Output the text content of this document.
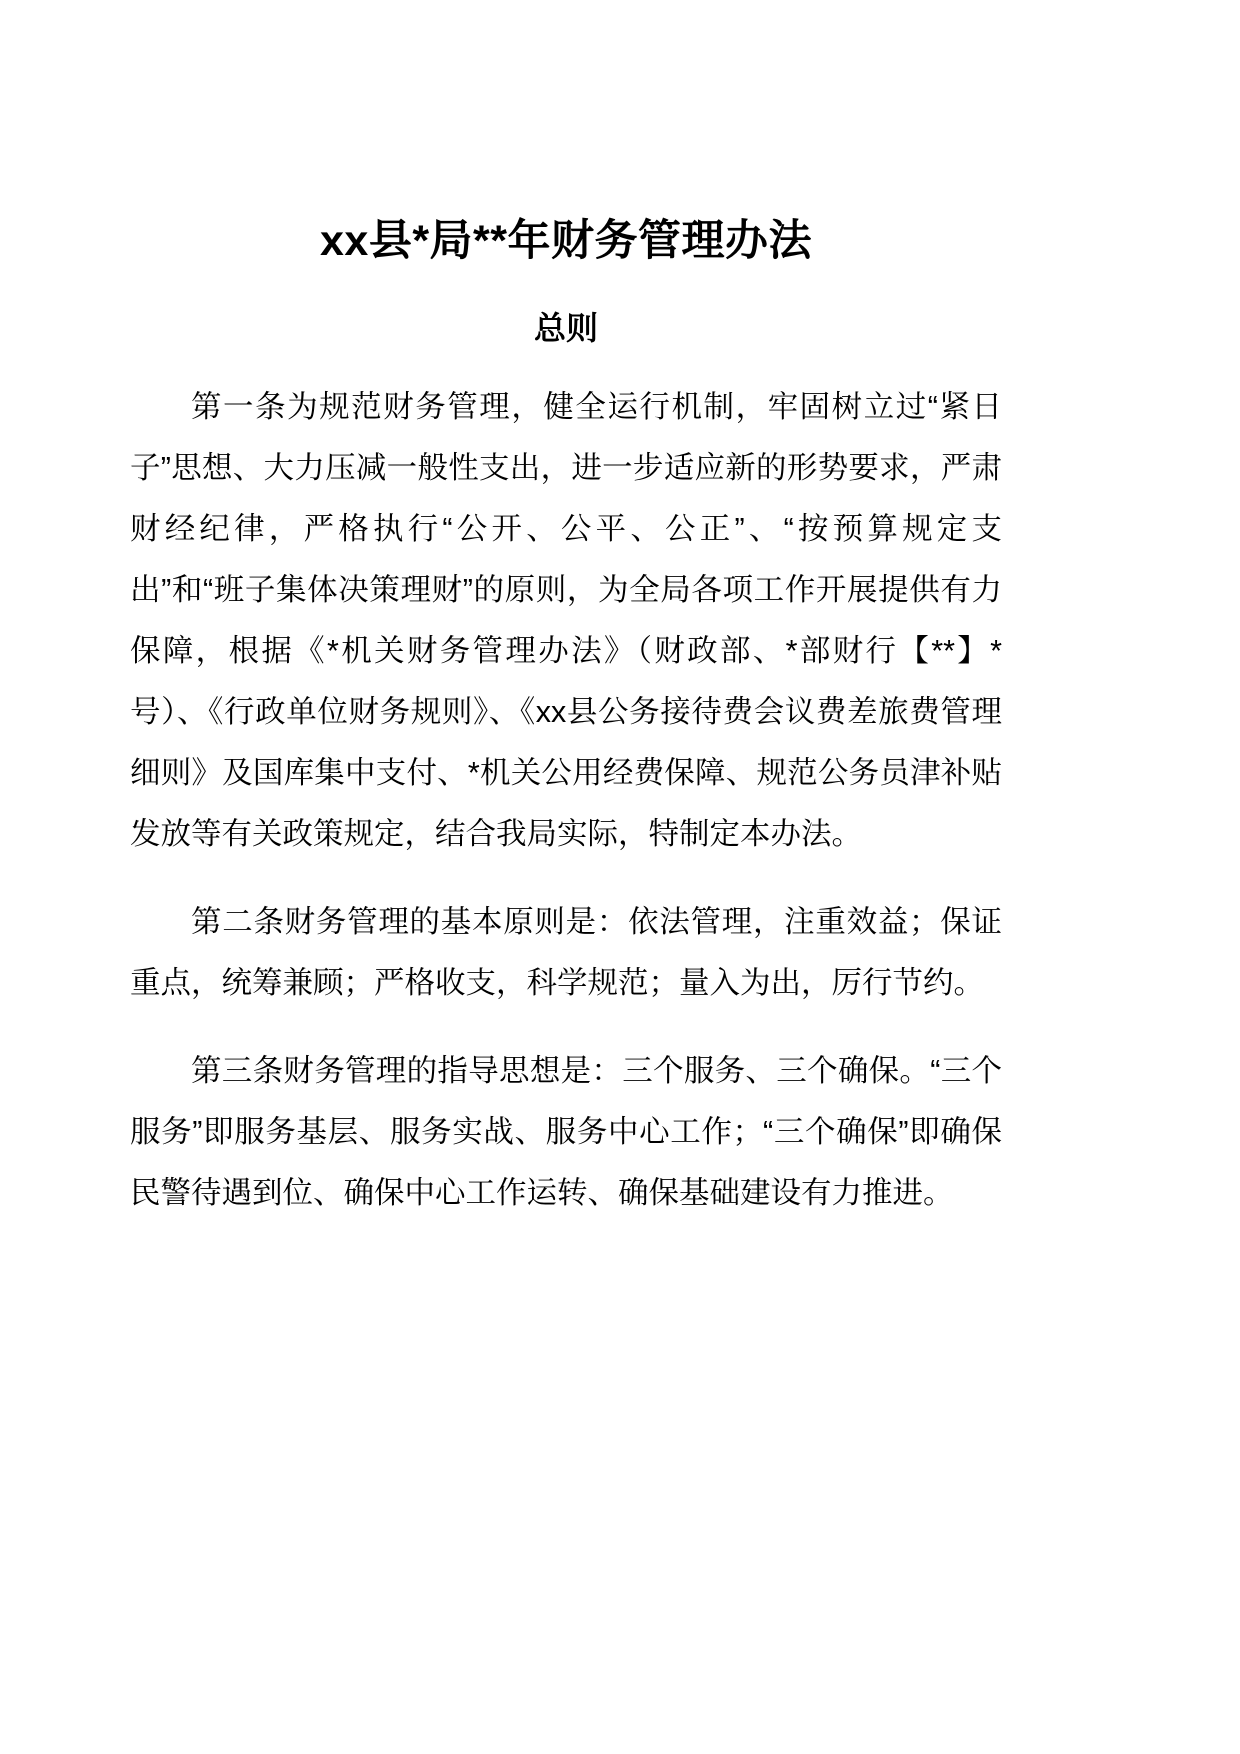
xx县*局**年财务管理办法
总则

第一条为规范财务管理，健全运行机制，牢固树立过“紧日子”思想、大力压减一般性支出，进一步适应新的形势要求，严肃财经纪律，严格执行“公开、公平、公正”、“按预算规定支出”和“班子集体决策理财”的原则，为全局各项工作开展提供有力保障，根据《*机关财务管理办法》（财政部、*部财行【**】*号）、《行政单位财务规则》、《xx县公务接待费会议费差旅费管理细则》及国库集中支付、*机关公用经费保障、规范公务员津补贴发放等有关政策规定，结合我局实际，特制定本办法。

第二条财务管理的基本原则是：依法管理，注重效益；保证重点，统筹兼顾；严格收支，科学规范；量入为出，厉行节约。

第三条财务管理的指导思想是：三个服务、三个确保。“三个服务”即服务基层、服务实战、服务中心工作；“三个确保”即确保民警待遇到位、确保中心工作运转、确保基础建设有力推进。
